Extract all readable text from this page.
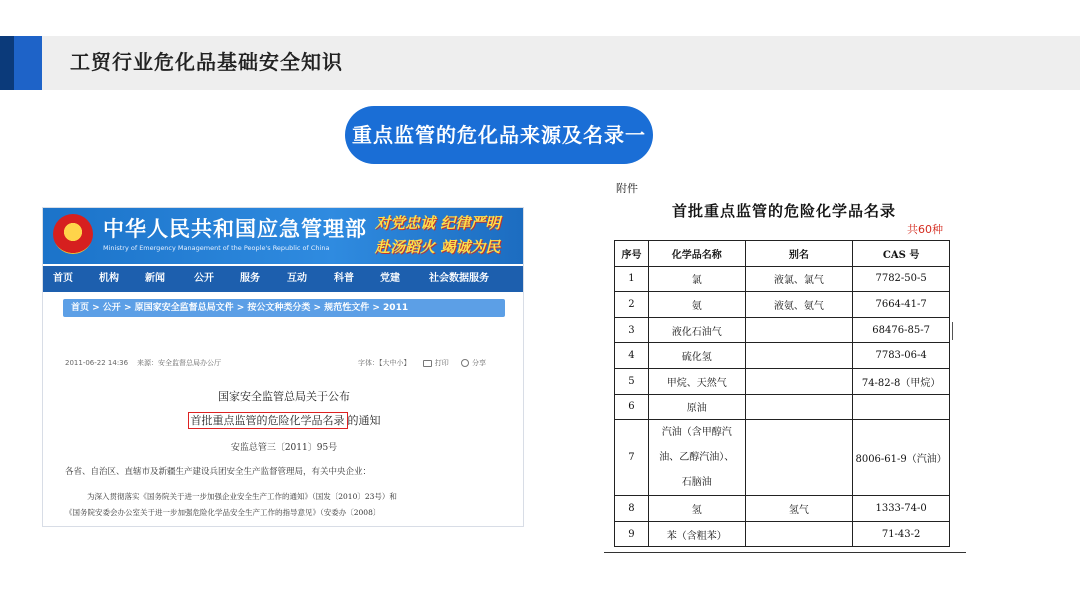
工贸行业危化品基础安全知识
重点监管的危化品来源及名录一
中华人民共和国应急管理部
Ministry of Emergency Management of the People's Republic of China
对党忠诚 纪律严明
赴汤蹈火 竭诚为民
首页	机构	新闻	公开	服务	互动	科普	党建	社会数据服务
首页 > 公开 > 原国家安全监督总局文件 > 按公文种类分类 > 规范性文件 > 2011
2011-06-22 14:36 来源：安全监督总局办公厅	字体：【大中小】	打印	分享
国家安全监管总局关于公布
首批重点监管的危险化学品名录 的通知
安监总管三〔2011〕95号
各省、自治区、直辖市及新疆生产建设兵团安全生产监督管理局，有关中央企业：
为深入贯彻落实《国务院关于进一步加强企业安全生产工作的通知》（国发〔2010〕23号）和
《国务院安委会办公室关于进一步加强危险化学品安全生产工作的指导意见》（安委办〔2008〕
附件
首批重点监管的危险化学品名录
共60种
序号	化学品名称	别名	CAS 号
1	氯	液氯、氯气	7782-50-5
2	氨	液氨、氨气	7664-41-7
3	液化石油气		68476-85-7
4	硫化氢		7783-06-4
5	甲烷、天然气		74-82-8（甲烷）
6	原油		
7	汽油（含甲醇汽
油、乙醇汽油）、
石脑油		8006-61-9（汽油）
8	氢	氢气	1333-74-0
9	苯（含粗苯）		71-43-2
